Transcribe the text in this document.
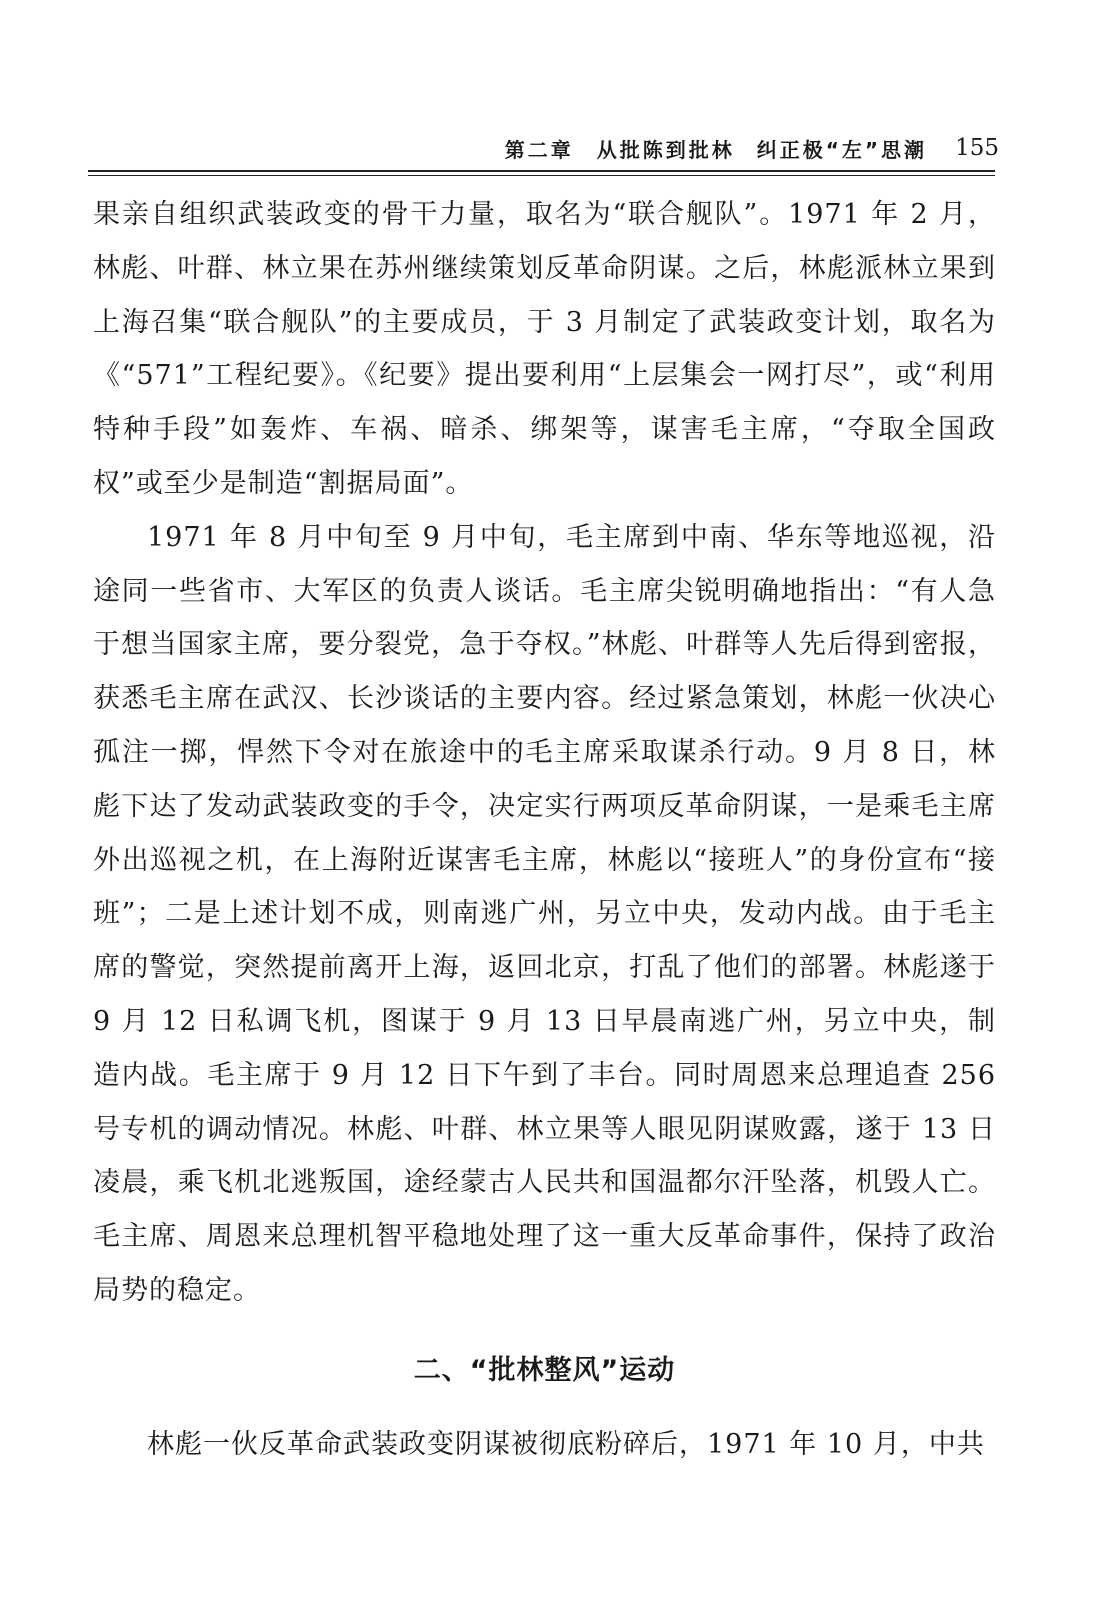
第二章　从批陈到批林 纠正极“左”思潮 155

果亲自组织武装政变的骨干力量，取名为“联合舰队”。1971 年 2 月，林彪、叶群、林立果在苏州继续策划反革命阴谋。之后，林彪派林立果到上海召集“联合舰队”的主要成员，于 3 月制定了武装政变计划，取名为《“571”工程纪要》。《纪要》提出要利用“上层集会一网打尽”，或“利用特种手段”如轰炸、车祸、暗杀、绑架等，谋害毛主席，“夺取全国政权”或至少是制造“割据局面”。

1971 年 8 月中旬至 9 月中旬，毛主席到中南、华东等地巡视，沿途同一些省市、大军区的负责人谈话。毛主席尖锐明确地指出：“有人急于想当国家主席，要分裂党，急于夺权。”林彪、叶群等人先后得到密报，获悉毛主席在武汉、长沙谈话的主要内容。经过紧急策划，林彪一伙决心孤注一掷，悍然下令对在旅途中的毛主席采取谋杀行动。9 月 8 日，林彪下达了发动武装政变的手令，决定实行两项反革命阴谋，一是乘毛主席外出巡视之机，在上海附近谋害毛主席，林彪以“接班人”的身份宣布“接班”；二是上述计划不成，则南逃广州，另立中央，发动内战。由于毛主席的警觉，突然提前离开上海，返回北京，打乱了他们的部署。林彪遂于 9 月 12 日私调飞机，图谋于 9 月 13 日早晨南逃广州，另立中央，制造内战。毛主席于 9 月 12 日下午到了丰台。同时周恩来总理追查 256 号专机的调动情况。林彪、叶群、林立果等人眼见阴谋败露，遂于 13 日凌晨，乘飞机北逃叛国，途经蒙古人民共和国温都尔汗坠落，机毁人亡。毛主席、周恩来总理机智平稳地处理了这一重大反革命事件，保持了政治局势的稳定。

二、“批林整风”运动

林彪一伙反革命武装政变阴谋被彻底粉碎后，1971 年 10 月，中共
